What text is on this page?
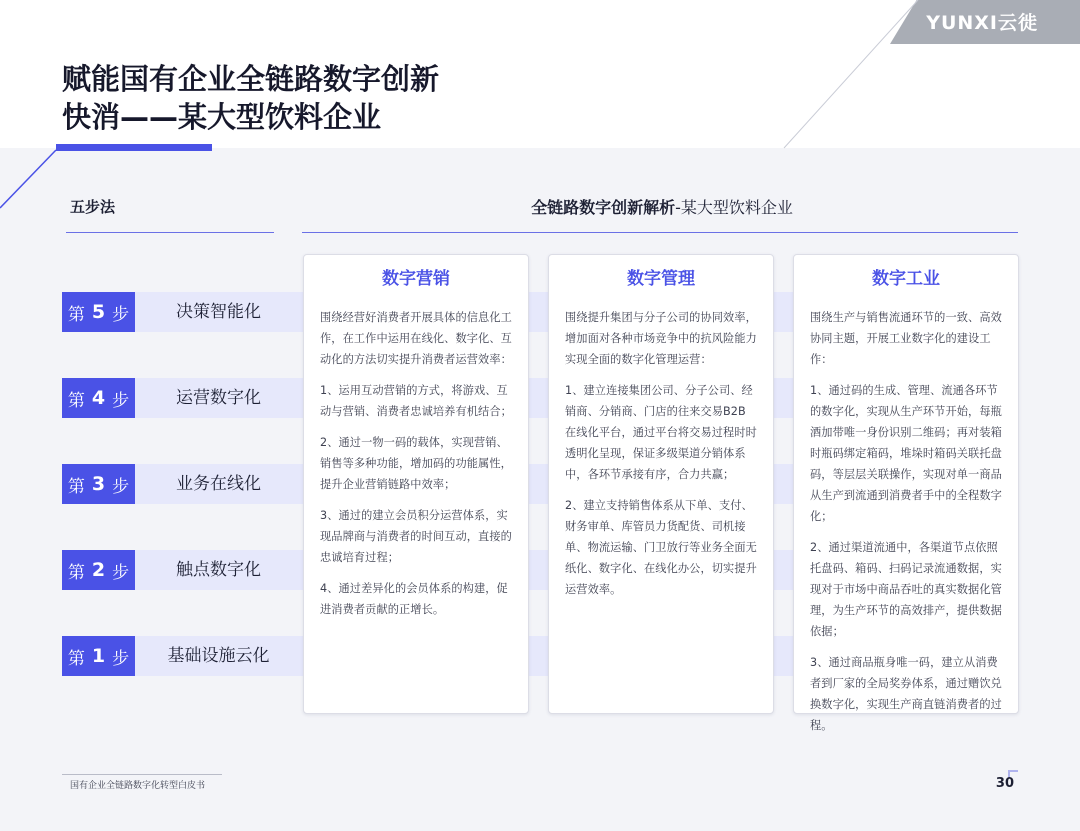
YUNXI云徙
赋能国有企业全链路数字创新
快消——某大型饮料企业
五步法	全链路数字创新解析-某大型饮料企业
第 5 步	决策智能化
第 4 步	运营数字化
第 3 步	业务在线化
第 2 步	触点数字化
第 1 步	基础设施云化
数字营销

围绕经营好消费者开展具体的信息化工作，在工作中运用在线化、数字化、互动化的方法切实提升消费者运营效率：

1、运用互动营销的方式，将游戏、互动与营销、消费者忠诚培养有机结合；

2、通过一物一码的载体，实现营销、销售等多种功能，增加码的功能属性，提升企业营销链路中效率；

3、通过的建立会员积分运营体系，实现品牌商与消费者的时间互动，直接的忠诚培育过程；

4、通过差异化的会员体系的构建，促进消费者贡献的正增长。

数字管理

围绕提升集团与分子公司的协同效率，增加面对各种市场竞争中的抗风险能力实现全面的数字化管理运营：

1、建立连接集团公司、分子公司、经销商、分销商、门店的往来交易B2B在线化平台，通过平台将交易过程时时透明化呈现，保证多级渠道分销体系中，各环节承接有序，合力共赢；

2、建立支持销售体系从下单、支付、财务审单、库管员力货配货、司机接单、物流运输、门卫放行等业务全面无纸化、数字化、在线化办公，切实提升运营效率。

数字工业

围绕生产与销售流通环节的一致、高效协同主题，开展工业数字化的建设工作：

1、通过码的生成、管理、流通各环节的数字化，实现从生产环节开始，每瓶酒加带唯一身份识别二维码；再对装箱时瓶码绑定箱码，堆垛时箱码关联托盘码，等层层关联操作，实现对单一商品从生产到流通到消费者手中的全程数字化；

2、通过渠道流通中，各渠道节点依照托盘码、箱码、扫码记录流通数据，实现对于市场中商品吞吐的真实数据化管理，为生产环节的高效排产，提供数据依据；

3、通过商品瓶身唯一码，建立从消费者到厂家的全局奖券体系，通过赠饮兑换数字化，实现生产商直链消费者的过程。

国有企业全链路数字化转型白皮书	30
